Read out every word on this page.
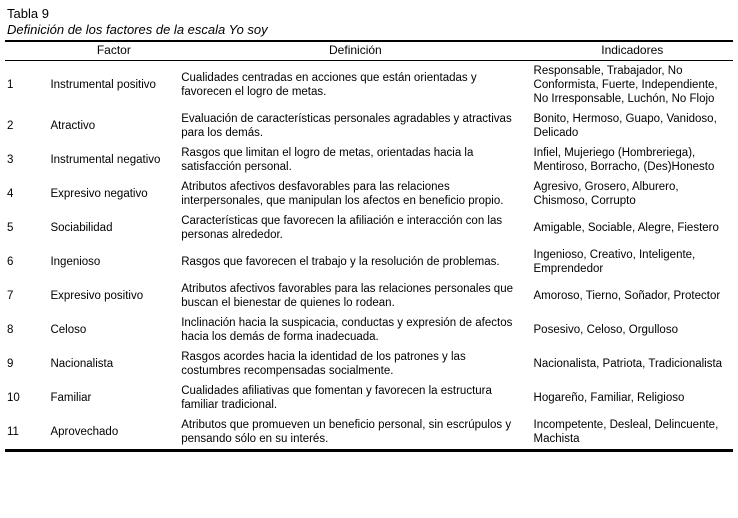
Tabla 9

Definición de los factores de la escala Yo soy

	Factor	Definición	Indicadores
1	Instrumental positivo	Cualidades centradas en acciones que están orientadas y favorecen el logro de metas.	Responsable, Trabajador, No Conformista, Fuerte, Independiente, No Irresponsable, Luchón, No Flojo
2	Atractivo	Evaluación de características personales agradables y atractivas para los demás.	Bonito, Hermoso, Guapo, Vanidoso, Delicado
3	Instrumental negativo	Rasgos que limitan el logro de metas, orientadas hacia la satisfacción personal.	Infiel, Mujeriego (Hombreriega), Mentiroso, Borracho, (Des)Honesto
4	Expresivo negativo	Atributos afectivos desfavorables para las relaciones interpersonales, que manipulan los afectos en beneficio propio.	Agresivo, Grosero, Alburero, Chismoso, Corrupto
5	Sociabilidad	Características que favorecen la afiliación e interacción con las personas alrededor.	Amigable, Sociable, Alegre, Fiestero
6	Ingenioso	Rasgos que favorecen el trabajo y la resolución de problemas.	Ingenioso, Creativo, Inteligente, Emprendedor
7	Expresivo positivo	Atributos afectivos favorables para las relaciones personales que buscan el bienestar de quienes lo rodean.	Amoroso, Tierno, Soñador, Protector
8	Celoso	Inclinación hacia la suspicacia, conductas y expresión de afectos hacia los demás de forma inadecuada.	Posesivo, Celoso, Orgulloso
9	Nacionalista	Rasgos acordes hacia la identidad de los patrones y las costumbres recompensadas socialmente.	Nacionalista, Patriota, Tradicionalista
10	Familiar	Cualidades afiliativas que fomentan y favorecen la estructura familiar tradicional.	Hogareño, Familiar, Religioso
11	Aprovechado	Atributos que promueven un beneficio personal, sin escrúpulos y pensando sólo en su interés.	Incompetente, Desleal, Delincuente, Machista
